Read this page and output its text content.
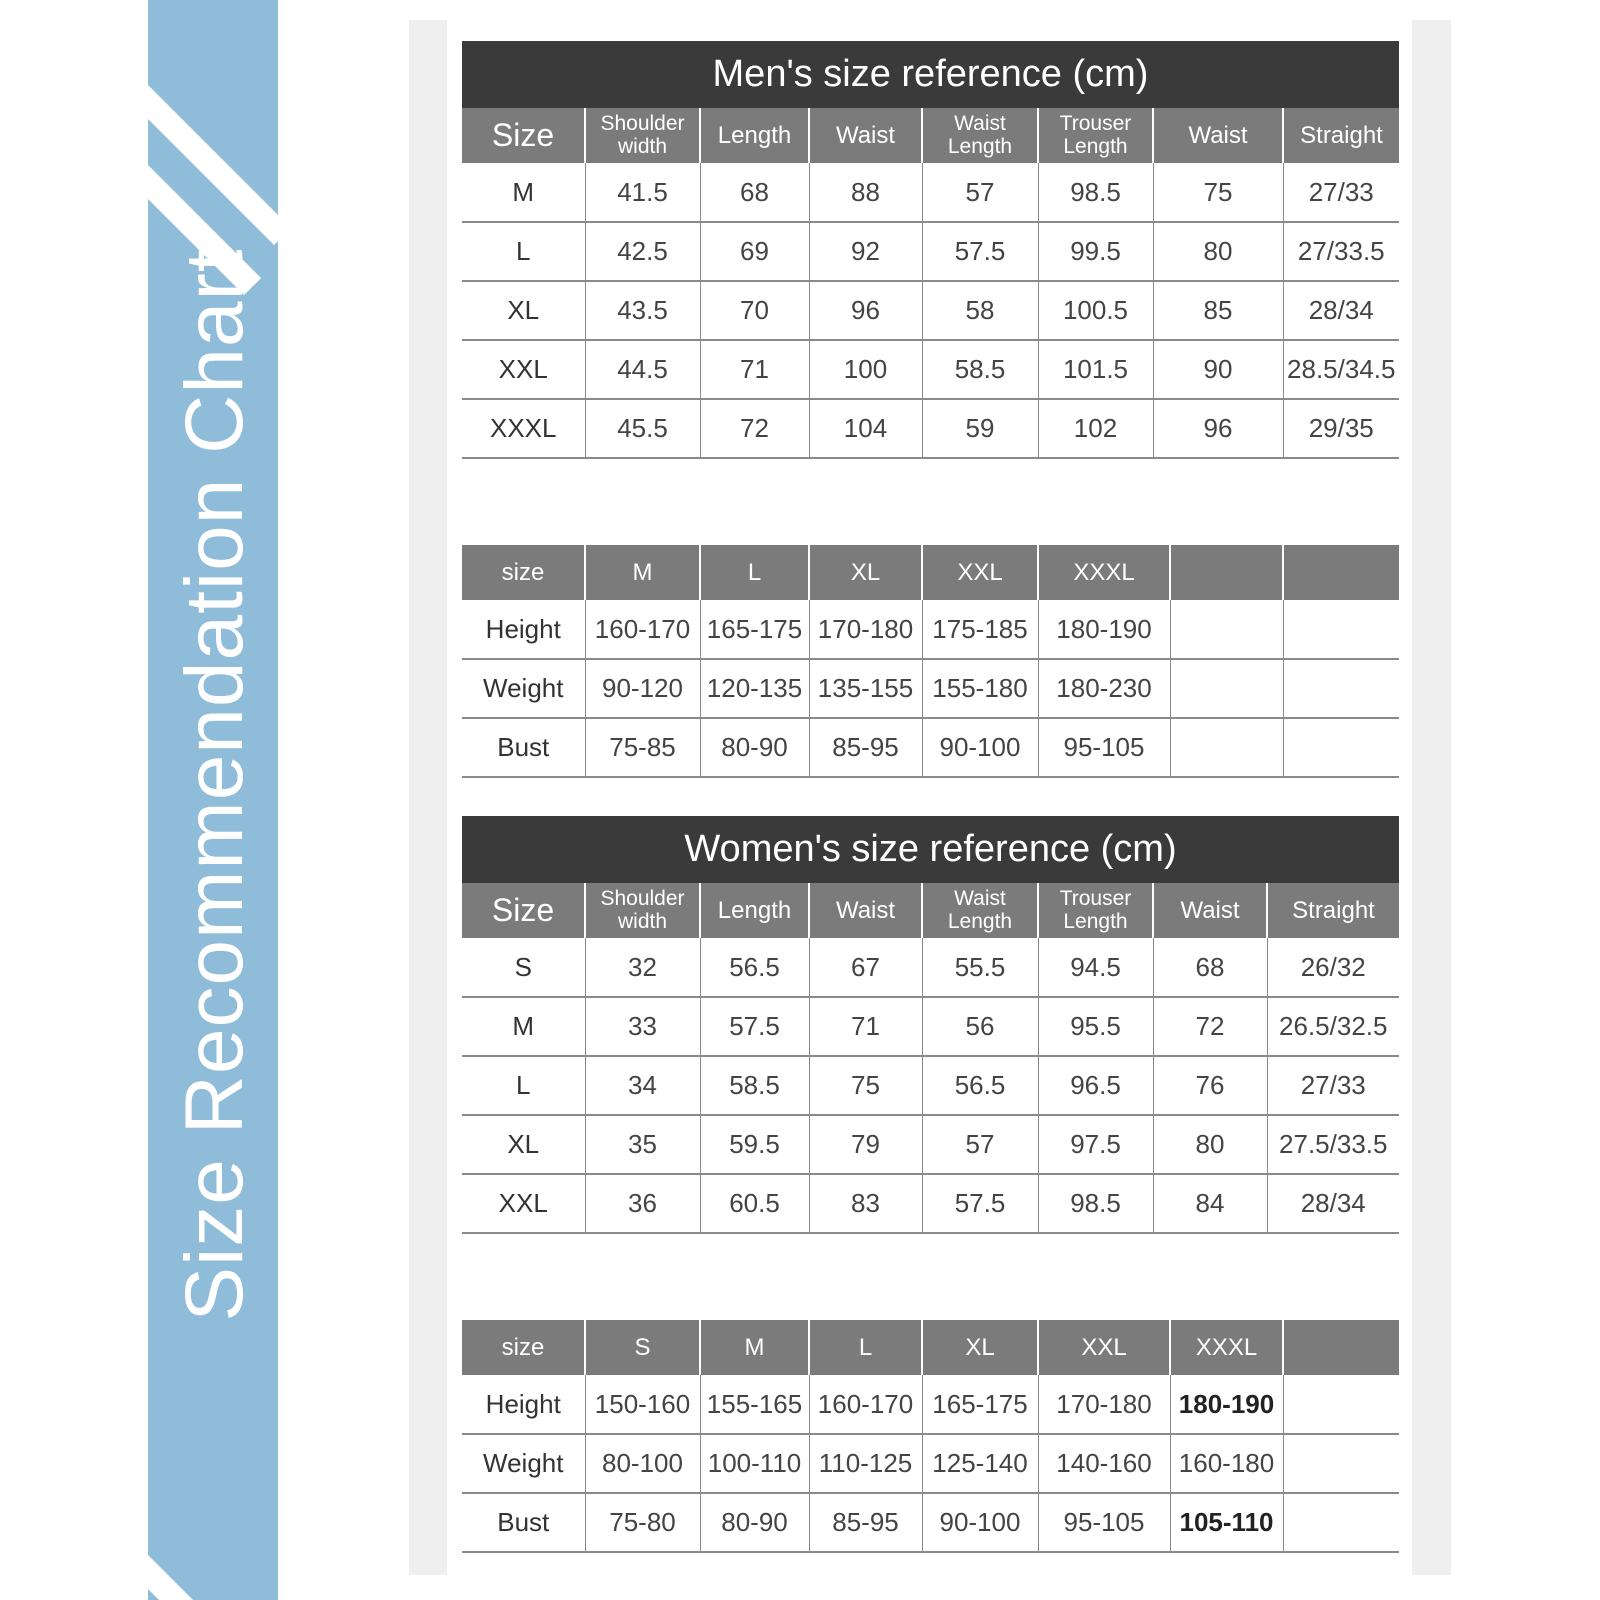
Size Recommendation Chart
Men's size reference (cm)
Size	Shoulder width	Length	Waist	Waist Length	Trouser Length	Waist	Straight
M	41.5	68	88	57	98.5	75	27/33
L	42.5	69	92	57.5	99.5	80	27/33.5
XL	43.5	70	96	58	100.5	85	28/34
XXL	44.5	71	100	58.5	101.5	90	28.5/34.5
XXXL	45.5	72	104	59	102	96	29/35
size	M	L	XL	XXL	XXXL		
Height	160-170	165-175	170-180	175-185	180-190		
Weight	90-120	120-135	135-155	155-180	180-230		
Bust	75-85	80-90	85-95	90-100	95-105		
Women's size reference (cm)
Size	Shoulder width	Length	Waist	Waist Length	Trouser Length	Waist	Straight
S	32	56.5	67	55.5	94.5	68	26/32
M	33	57.5	71	56	95.5	72	26.5/32.5
L	34	58.5	75	56.5	96.5	76	27/33
XL	35	59.5	79	57	97.5	80	27.5/33.5
XXL	36	60.5	83	57.5	98.5	84	28/34
size	S	M	L	XL	XXL	XXXL	
Height	150-160	155-165	160-170	165-175	170-180	180-190	
Weight	80-100	100-110	110-125	125-140	140-160	160-180	
Bust	75-80	80-90	85-95	90-100	95-105	105-110	
